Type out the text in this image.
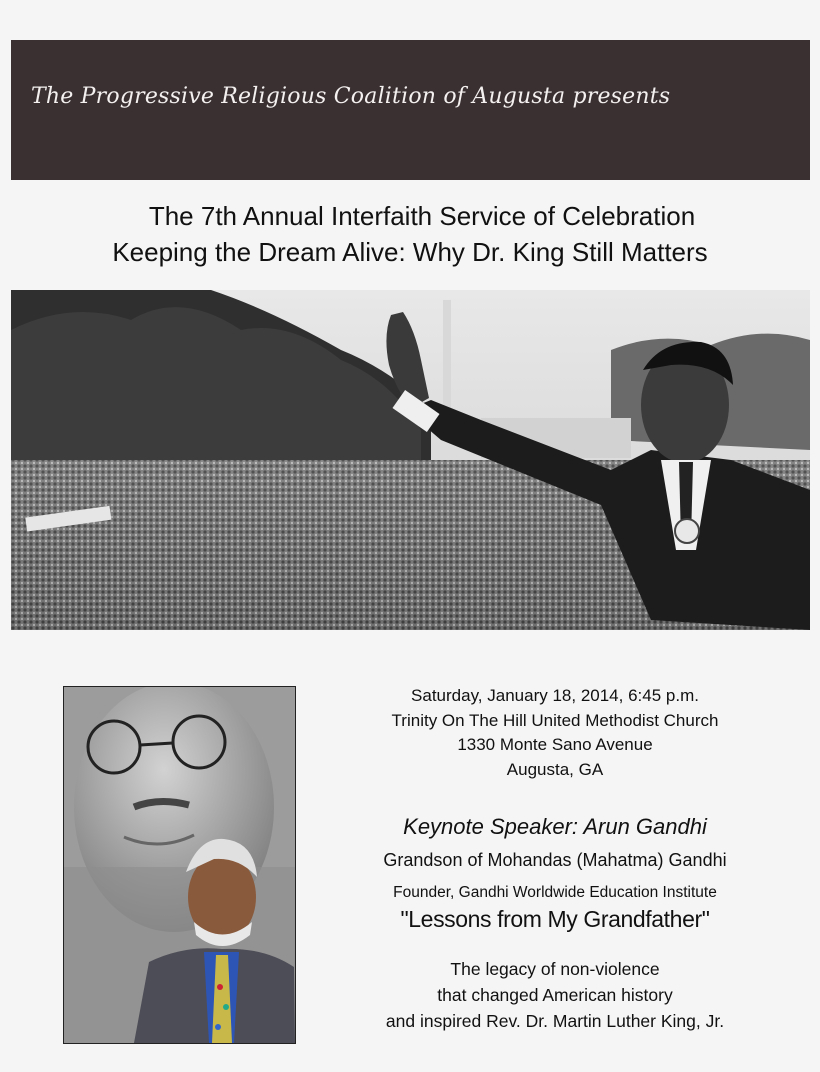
The Progressive Religious Coalition of Augusta presents
The 7th Annual Interfaith Service of Celebration
Keeping the Dream Alive: Why Dr. King Still Matters
Saturday, January 18, 2014, 6:45 p.m.
Trinity On The Hill United Methodist Church
1330 Monte Sano Avenue
Augusta, GA
Keynote Speaker: Arun Gandhi
Grandson of Mohandas (Mahatma) Gandhi
Founder, Gandhi Worldwide Education Institute
"Lessons from My Grandfather"
The legacy of non-violence
that changed American history
and inspired Rev. Dr. Martin Luther King, Jr.
